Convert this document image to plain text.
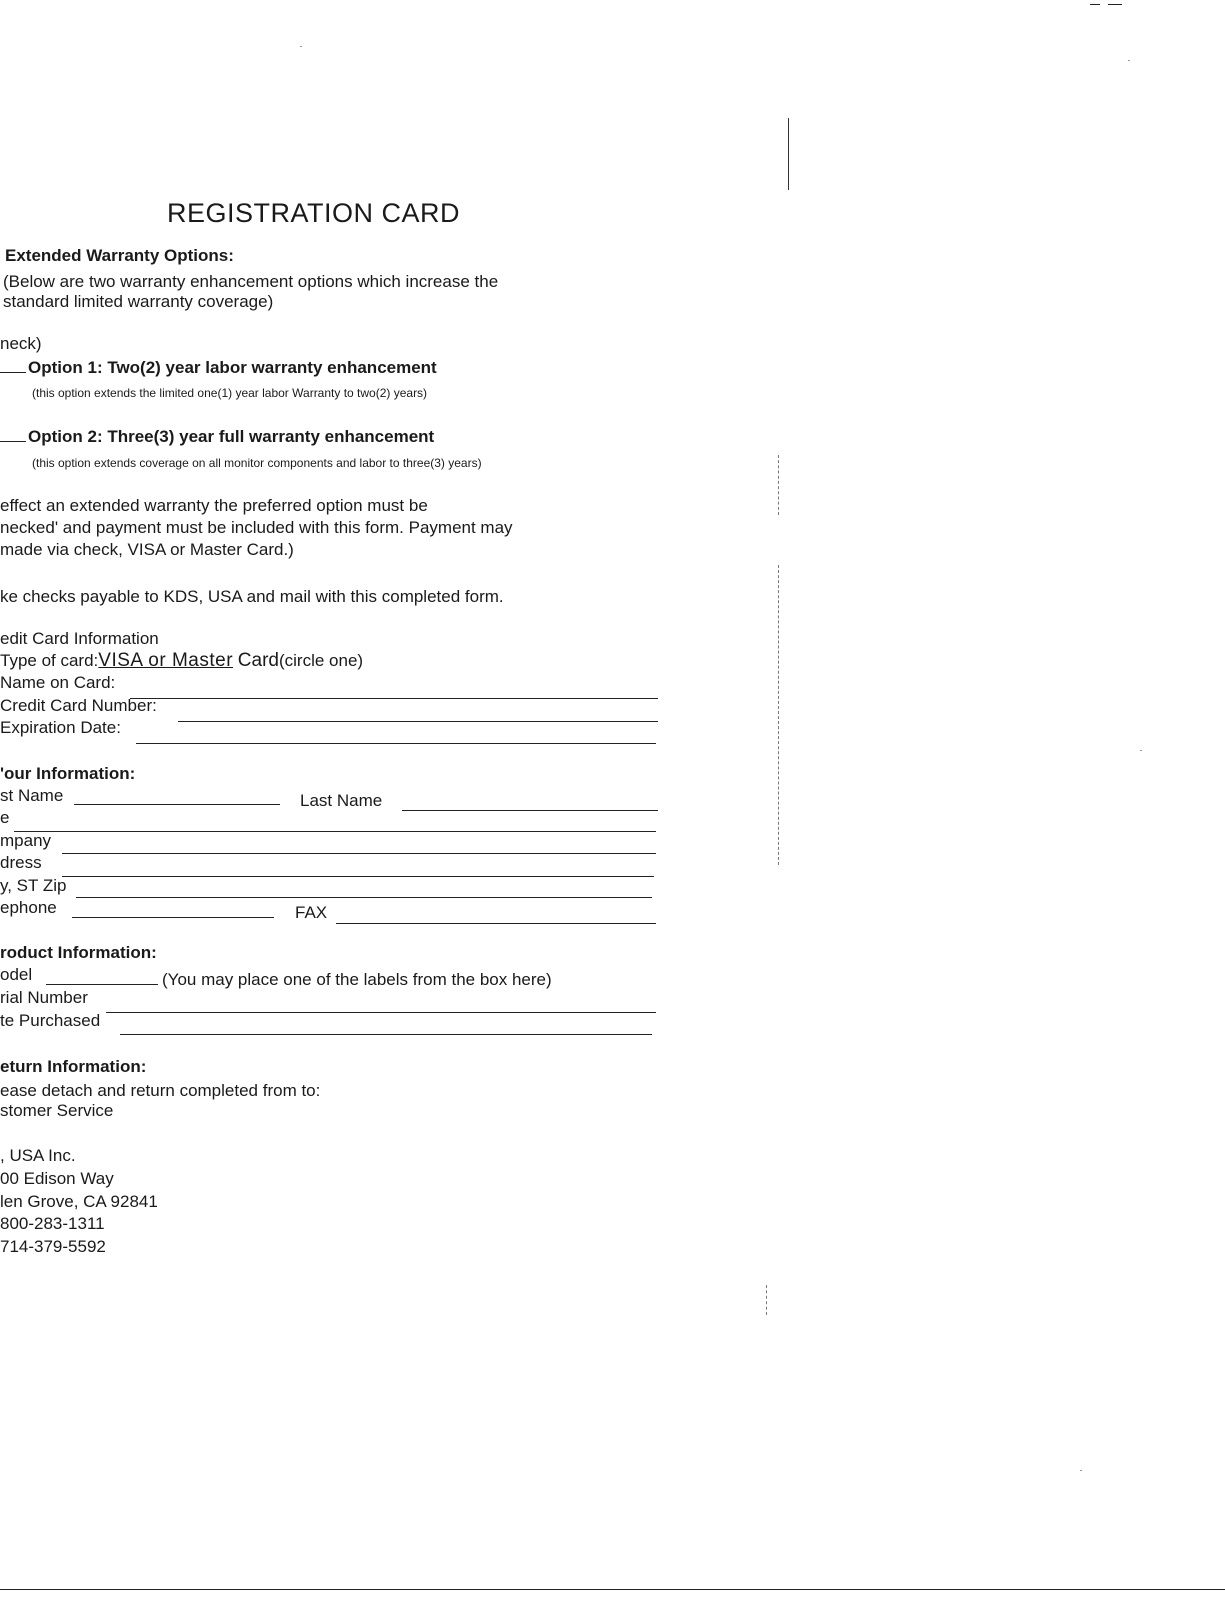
REGISTRATION CARD
Extended Warranty Options:
(Below are two warranty enhancement options which increase the
standard limited warranty coverage)
neck)
Option 1: Two(2) year labor warranty enhancement
(this option extends the limited one(1) year labor Warranty to two(2) years)
Option 2: Three(3) year full warranty enhancement
(this option extends coverage on all monitor components and labor to three(3) years)
effect an extended warranty the preferred option must be
necked' and payment must be included with this form. Payment may
made via check, VISA or Master Card.)
ke checks payable to KDS, USA and mail with this completed form.
edit Card Information
Type of card:VISA or Master Card(circle one)
Name on Card:
Credit Card Number:
Expiration Date:
'our Information:
st Name	Last Name
e
mpany
dress
y, ST Zip
ephone	FAX
roduct Information:
odel	(You may place one of the labels from the box here)
rial Number
te Purchased
eturn Information:
ease detach and return completed from to:
stomer Service
, USA Inc.
00 Edison Way
len Grove, CA 92841
800-283-1311
714-379-5592
